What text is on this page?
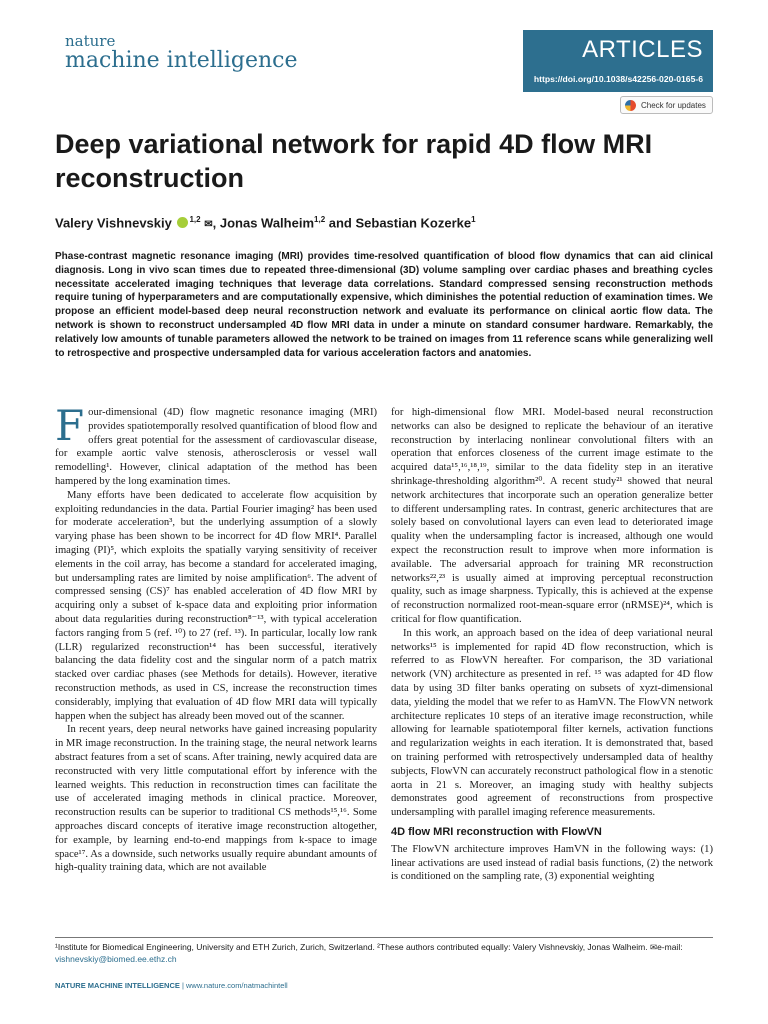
nature
machine intelligence	ARTICLES
https://doi.org/10.1038/s42256-020-0165-6
Check for updates
Deep variational network for rapid 4D flow MRI reconstruction
Valery Vishnevskiy $^{1,2}$ ✉, Jonas Walheim$^{1,2}$ and Sebastian Kozerke$^1$

Phase-contrast magnetic resonance imaging (MRI) provides time-resolved quantification of blood flow dynamics that can aid clinical diagnosis. Long in vivo scan times due to repeated three-dimensional (3D) volume sampling over cardiac phases and breathing cycles necessitate accelerated imaging techniques that leverage data correlations. Standard compressed sensing reconstruction methods require tuning of hyperparameters and are computationally expensive, which diminishes the potential reduction of examination times. We propose an efficient model-based deep neural reconstruction network and evaluate its performance on clinical aortic flow data. The network is shown to reconstruct undersampled 4D flow MRI data in under a minute on standard consumer hardware. Remarkably, the relatively low amounts of tunable parameters allowed the network to be trained on images from 11 reference scans while generalizing well to retrospective and prospective undersampled data for various acceleration factors and anatomies.

Four-dimensional (4D) flow magnetic resonance imaging (MRI) provides spatiotemporally resolved quantification of blood flow and offers great potential for the assessment of cardiovascular disease, for example aortic valve stenosis, atherosclerosis or vessel wall remodelling¹. However, clinical adaptation of the method has been hampered by the long examination times.

Many efforts have been dedicated to accelerate flow acquisition by exploiting redundancies in the data. Partial Fourier imaging² has been used for moderate acceleration³, but the underlying assumption of a slowly varying phase has been shown to be incorrect for 4D flow MRI⁴. Parallel imaging (PI)⁵, which exploits the spatially varying sensitivity of receiver elements in the coil array, has become a standard for accelerated imaging, but undersampling rates are limited by noise amplification⁶. The advent of compressed sensing (CS)⁷ has enabled acceleration of 4D flow MRI by acquiring only a subset of k-space data and exploiting prior information about data regularities during reconstruction⁸⁻¹³, with typical acceleration factors ranging from 5 (ref. ¹⁰) to 27 (ref. ¹³). In particular, locally low rank (LLR) regularized reconstruction¹⁴ has been successful, iteratively balancing the data fidelity cost and the singular norm of a patch matrix stacked over cardiac phases (see Methods for details). However, iterative reconstruction methods, as used in CS, increase the reconstruction times considerably, implying that evaluation of 4D flow MRI data will typically happen when the subject has already been moved out of the scanner.

In recent years, deep neural networks have gained increasing popularity in MR image reconstruction. In the training stage, the neural network learns abstract features from a set of scans. After training, newly acquired data are reconstructed with very little computational effort by inference with the learned weights. This reduction in reconstruction times can facilitate the use of accelerated imaging methods in clinical practice. Moreover, reconstruction results can be superior to traditional CS methods¹⁵,¹⁶. Some approaches discard concepts of iterative image reconstruction altogether, for example, by learning end-to-end mappings from k-space to image space¹⁷. As a downside, such networks usually require abundant amounts of high-quality training data, which are not available

for high-dimensional flow MRI. Model-based neural reconstruction networks can also be designed to replicate the behaviour of an iterative reconstruction by interlacing nonlinear convolutional filters with an operation that enforces closeness of the current image estimate to the acquired data¹⁵,¹⁶,¹⁸,¹⁹, similar to the data fidelity step in an iterative shrinkage-thresholding algorithm²⁰. A recent study²¹ showed that neural network architectures that incorporate such an operation generalize better to different undersampling rates. In contrast, generic architectures that are solely based on convolutional layers can even lead to deteriorated image quality when the undersampling factor is increased, although one would expect the reconstruction result to improve when more information is available. The adversarial approach for training MR reconstruction networks²²,²³ is usually aimed at improving perceptual reconstruction quality, such as image sharpness. Typically, this is achieved at the expense of reconstruction normalized root-mean-square error (nRMSE)²⁴, which is critical for flow quantification.

In this work, an approach based on the idea of deep variational neural networks¹⁵ is implemented for rapid 4D flow reconstruction, which is referred to as FlowVN hereafter. For comparison, the 3D variational network (VN) architecture as presented in ref. ¹⁵ was adapted for 4D flow data by using 3D filter banks operating on subsets of xyzt-dimensional data, yielding the model that we refer to as HamVN. The FlowVN network architecture replicates 10 steps of an iterative image reconstruction, while allowing for learnable spatiotemporal filter kernels, activation functions and regularization weights in each iteration. It is demonstrated that, based on training performed with retrospectively undersampled data of healthy subjects, FlowVN can accurately reconstruct pathological flow in a stenotic aorta in 21 s. Moreover, an imaging study with healthy subjects demonstrates good agreement of reconstructions from prospective undersampling with parallel imaging reference measurements.

4D flow MRI reconstruction with FlowVN

The FlowVN architecture improves HamVN in the following ways: (1) linear activations are used instead of radial basis functions, (2) the network is conditioned on the sampling rate, (3) exponential weighting

¹Institute for Biomedical Engineering, University and ETH Zurich, Zurich, Switzerland. ²These authors contributed equally: Valery Vishnevskiy, Jonas Walheim. ✉e-mail: vishnevskiy@biomed.ee.ethz.ch
NATURE MACHINE INTELLIGENCE | www.nature.com/natmachintell
